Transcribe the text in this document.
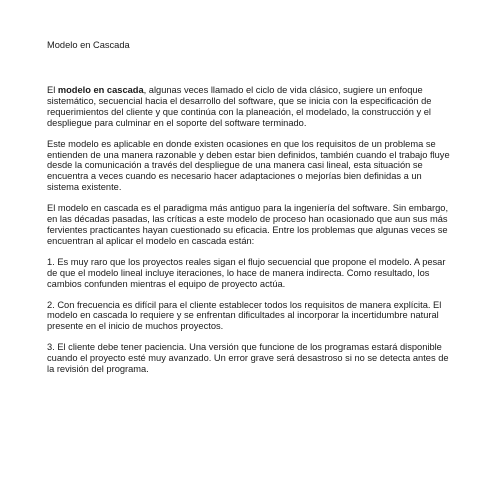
Modelo en Cascada

El modelo en cascada, algunas veces llamado el ciclo de vida clásico, sugiere un enfoque sistemático, secuencial hacia el desarrollo del software, que se inicia con la especificación de requerimientos del cliente y que continúa con la planeación, el modelado, la construcción y el despliegue para culminar en el soporte del software terminado.

Este modelo es aplicable en donde existen ocasiones en que los requisitos de un problema se entienden de una manera razonable y deben estar bien definidos, también cuando el trabajo fluye desde la comunicación a través del despliegue de una manera casi lineal, esta situación se encuentra a veces cuando es necesario hacer adaptaciones o mejorías bien definidas a un sistema existente.

El modelo en cascada es el paradigma más antiguo para la ingeniería del software. Sin embargo, en las décadas pasadas, las críticas a este modelo de proceso han ocasionado que aun sus más fervientes practicantes hayan cuestionado su eficacia. Entre los problemas que algunas veces se encuentran al aplicar el modelo en cascada están:

1. Es muy raro que los proyectos reales sigan el flujo secuencial que propone el modelo. A pesar de que el modelo lineal incluye iteraciones, lo hace de manera indirecta. Como resultado, los cambios confunden mientras el equipo de proyecto actúa.

2. Con frecuencia es difícil para el cliente establecer todos los requisitos de manera explícita. El modelo en cascada lo requiere y se enfrentan dificultades al incorporar la incertidumbre natural presente en el inicio de muchos proyectos.

3. El cliente debe tener paciencia. Una versión que funcione de los programas estará disponible cuando el proyecto esté muy avanzado. Un error grave será desastroso si no se detecta antes de la revisión del programa.
